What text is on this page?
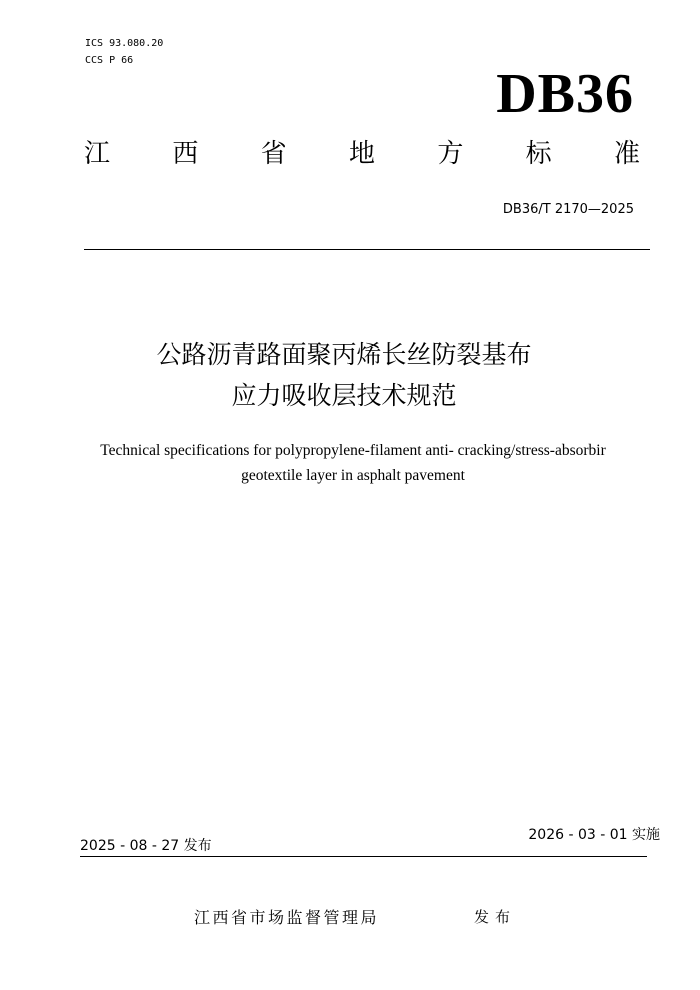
ICS 93.080.20
CCS P 66
DB36
江 西 省 地 方 标 准
DB36/T 2170—2025
公路沥青路面聚丙烯长丝防裂基布
应力吸收层技术规范
Technical specifications for polypropylene-filament anti- cracking/stress-absorbir
geotextile layer in asphalt pavement
2025 - 08 - 27 发布
2026 - 03 - 01 实施
江西省市场监督管理局	发布
